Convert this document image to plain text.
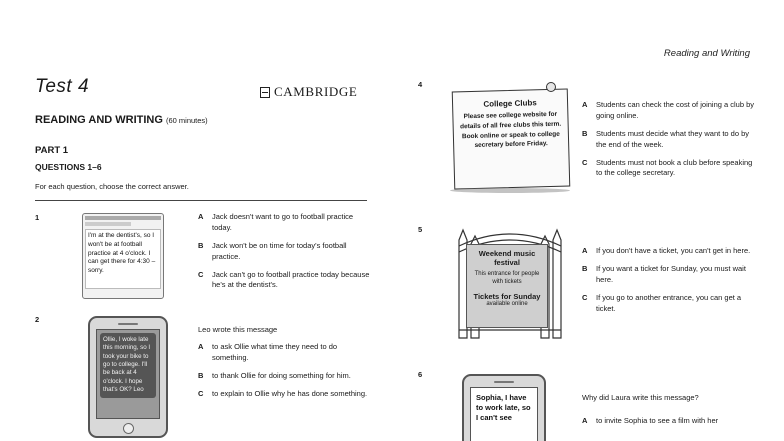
Reading and Writing
Test 4	CAMBRIDGE
READING AND WRITING (60 minutes)
PART 1
QUESTIONS 1–6
For each question, choose the correct answer.
1
I'm at the dentist's, so I won't be at football practice at 4 o'clock. I can get there for 4:30 – sorry.
A	Jack doesn't want to go to football practice today.
B	Jack won't be on time for today's football practice.
C	Jack can't go to football practice today because he's at the dentist's.
2
Ollie, I woke late this morning, so I took your bike to go to college. I'll be back at 4 o'clock. I hope that's OK? Leo
Leo wrote this message
A	to ask Ollie what time they need to do something.
B	to thank Ollie for doing something for him.
C	to explain to Ollie why he has done something.
4
College Clubs
Please see college website for details of all free clubs this term. Book online or speak to college secretary before Friday.
A	Students can check the cost of joining a club by going online.
B	Students must decide what they want to do by the end of the week.
C	Students must not book a club before speaking to the college secretary.
5
Weekend music festival
This entrance for people with tickets
Tickets for Sunday
available online
A	If you don't have a ticket, you can't get in here.
B	If you want a ticket for Sunday, you must wait here.
C	If you go to another entrance, you can get a ticket.
6
Sophia, I have to work late, so I can't see
Why did Laura write this message?
A	to invite Sophia to see a film with her
